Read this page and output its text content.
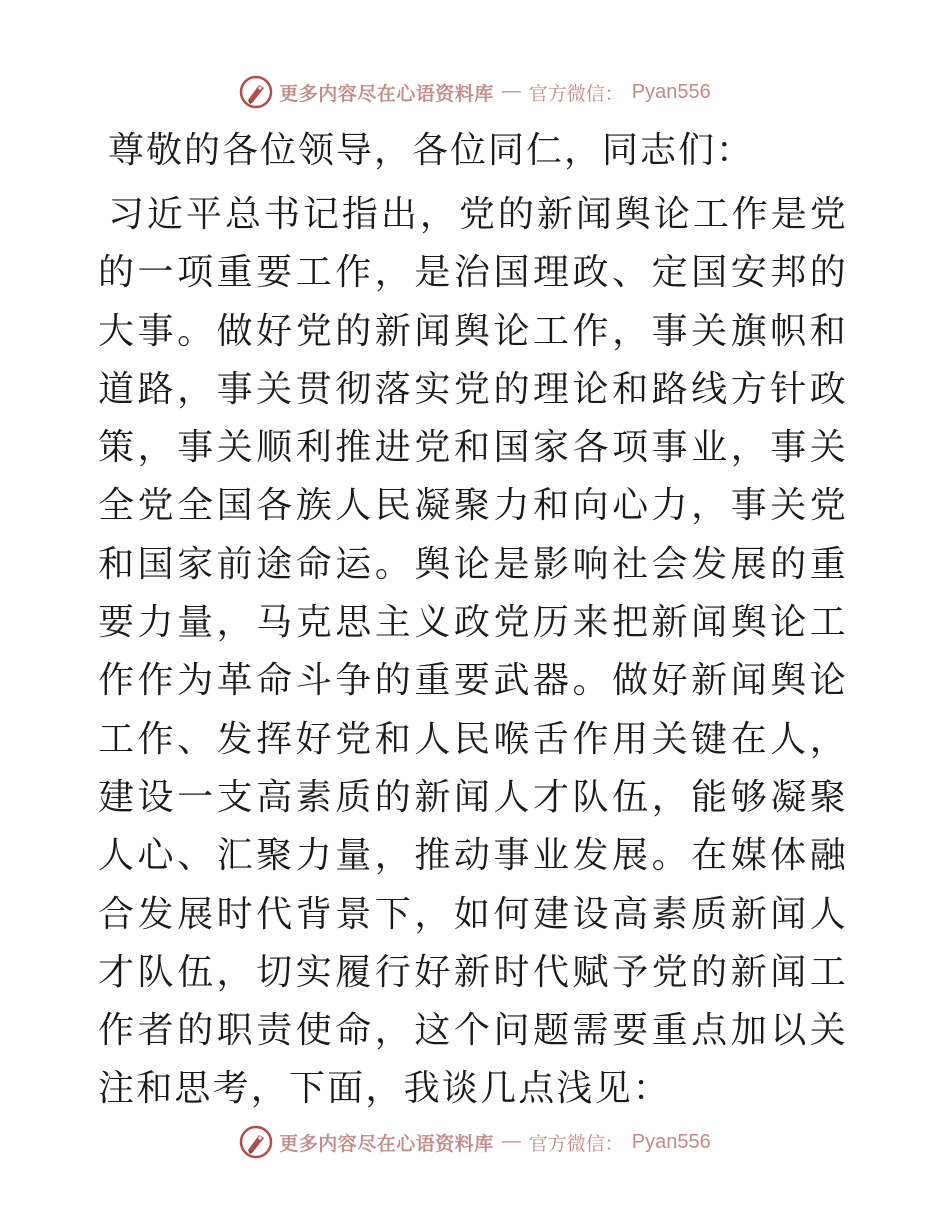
更多内容尽在心语资料库 — 官方微信： Pyan556
尊敬的各位领导，各位同仁，同志们：
习近平总书记指出，党的新闻舆论工作是党的一项重要工作，是治国理政、定国安邦的大事。做好党的新闻舆论工作，事关旗帜和道路，事关贯彻落实党的理论和路线方针政策，事关顺利推进党和国家各项事业，事关全党全国各族人民凝聚力和向心力，事关党和国家前途命运。舆论是影响社会发展的重要力量，马克思主义政党历来把新闻舆论工作作为革命斗争的重要武器。做好新闻舆论工作、发挥好党和人民喉舌作用关键在人，建设一支高素质的新闻人才队伍，能够凝聚人心、汇聚力量，推动事业发展。在媒体融合发展时代背景下，如何建设高素质新闻人才队伍，切实履行好新时代赋予党的新闻工作者的职责使命，这个问题需要重点加以关注和思考，下面，我谈几点浅见：
更多内容尽在心语资料库 — 官方微信： Pyan556
